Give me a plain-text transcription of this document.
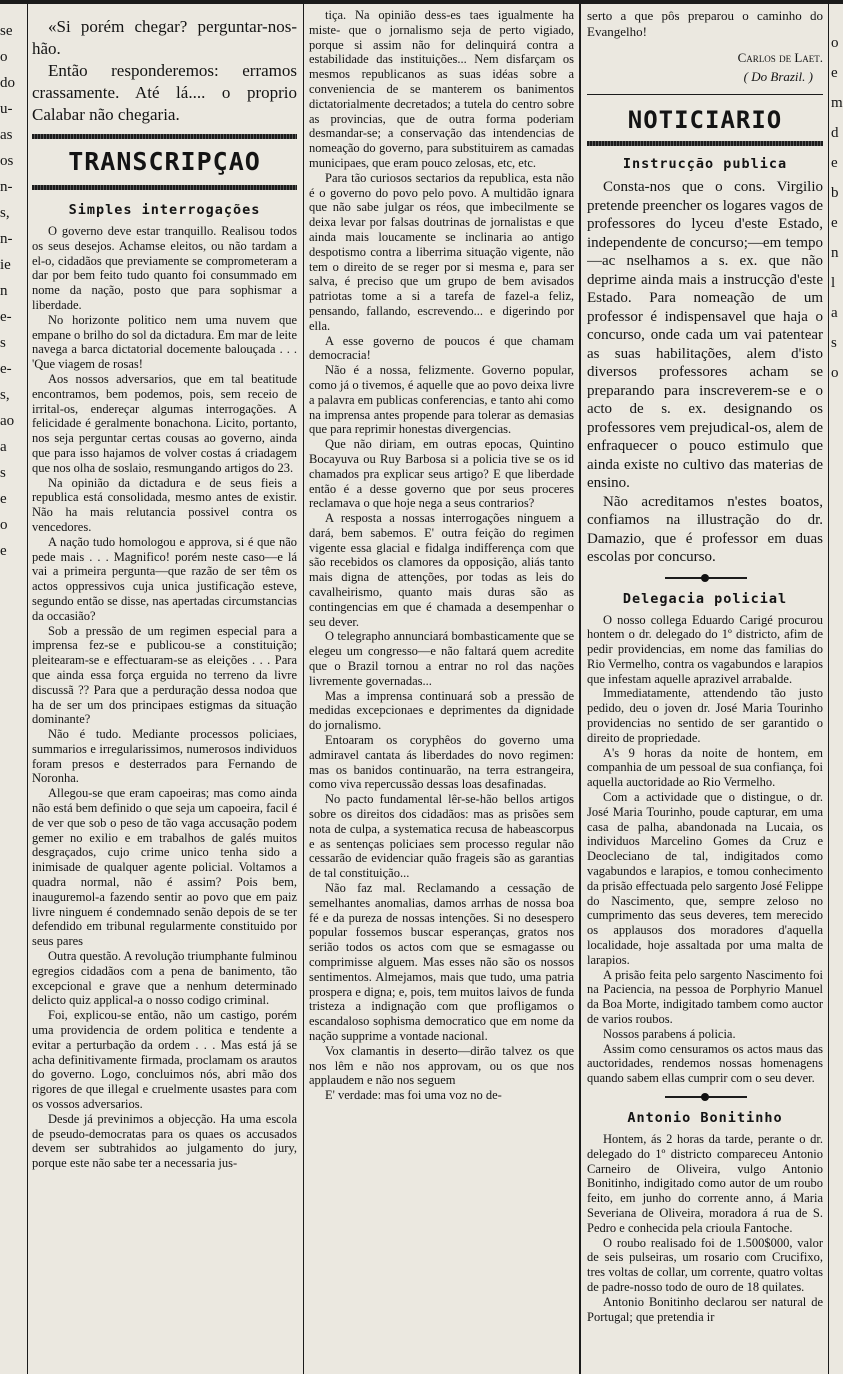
se
o
do
u-
as
os
n-
s,
n-
ie
n
e-
s
e-
s,
ao
a
s
e
o
e

«Si porém chegar? perguntar-nos-hão.

Então responderemos: erramos crassamente. Até lá.... o proprio Calabar não chegaria.

TRANSCRIPÇAO
Simples interrogações

O governo deve estar tranquillo. Realisou todos os seus desejos. Achamse eleitos, ou não tardam a el-o, cidadãos que previamente se comprometeram a dar por bem feito tudo quanto foi consummado em nome da nação, posto que para sophismar a liberdade.

No horizonte politico nem uma nuvem que empane o brilho do sol da dictadura. Em mar de leite navega a barca dictatorial docemente balouçada . . . 'Que viagem de rosas!

Aos nossos adversarios, que em tal beatitude encontramos, bem podemos, pois, sem receio de irrital-os, endereçar algumas interrogações. A felicidade é geralmente bonachona. Licito, portanto, nos seja perguntar certas cousas ao governo, ainda que para isso hajamos de volver costas á criadagem que nos olha de soslaio, resmungando artigos do 23.

Na opinião da dictadura e de seus fieis a republica está consolidada, mesmo antes de existir. Não ha mais relutancia possivel contra os vencedores.

A nação tudo homologou e approva, si é que não pede mais . . . Magnifico! porém neste caso—e lá vai a primeira pergunta—que razão de ser têm os actos oppressivos cuja unica justificação esteve, segundo então se disse, nas apertadas circumstancias da occasião?

Sob a pressão de um regimen especial para a imprensa fez-se e publicou-se a constituição; pleitearam-se e effectuaram-se as eleições . . . Para que ainda essa força erguida no terreno da livre discussã ?? Para que a perduração dessa nodoa que ha de ser um dos principaes estigmas da situação dominante?

Não é tudo. Mediante processos policiaes, summarios e irregularissimos, numerosos individuos foram presos e desterrados para Fernando de Noronha.

Allegou-se que eram capoeiras; mas como ainda não está bem definido o que seja um capoeira, facil é de ver que sob o peso de tão vaga accusação podem gemer no exilio e em trabalhos de galés muitos desgraçados, cujo crime unico tenha sido a inimisade de qualquer agente policial. Voltamos a quadra normal, não é assim? Pois bem, inauguremol-a fazendo sentir ao povo que em paiz livre ninguem é condemnado senão depois de se ter defendido em tribunal regularmente constituido por seus pares

Outra questão. A revolução triumphante fulminou egregios cidadãos com a pena de banimento, tão excepcional e grave que a nenhum determinado delicto quiz applical-a o nosso codigo criminal.

Foi, explicou-se então, não um castigo, porém uma providencia de ordem politica e tendente a evitar a perturbação da ordem . . . Mas está já se acha definitivamente firmada, proclamam os arautos do governo. Logo, concluimos nós, abri mão dos rigores de que illegal e cruelmente usastes para com os vossos adversarios.

Desde já previnimos a objecção. Ha uma escola de pseudo-democratas para os quaes os accusados devem ser subtrahidos ao julgamento do jury, porque este não sabe ter a necessaria jus-

tiça. Na opinião dess-es taes igualmente ha miste- que o jornalismo seja de perto vigiado, porque si assim não for delinquirá contra a estabilidade das instituições... Nem disfarçam os mesmos republicanos as suas idéas sobre a conveniencia de se manterem os banimentos dictatorialmente decretados; a tutela do centro sobre as provincias, que de outra forma poderiam desmandar-se; a conservação das intendencias de nomeação do governo, para substituirem as camadas municipaes, que eram pouco zelosas, etc, etc.

Para tão curiosos sectarios da republica, esta não é o governo do povo pelo povo. A multidão ignara que não sabe julgar os réos, que imbecilmente se deixa levar por falsas doutrinas de jornalistas e que ainda mais loucamente se inclinaria ao antigo despotismo contra a liberrima situação vigente, não tem o direito de se reger por si mesma e, para ser salva, é preciso que um grupo de bem avisados patriotas tome a si a tarefa de fazel-a feliz, pensando, fallando, escrevendo... e digerindo por ella.

A esse governo de poucos é que chamam democracia!

Não é a nossa, felizmente. Governo popular, como já o tivemos, é aquelle que ao povo deixa livre a palavra em publicas conferencias, e tanto ahi como na imprensa antes propende para tolerar as demasias que para reprimir honestas divergencias.

Que não diriam, em outras epocas, Quintino Bocayuva ou Ruy Barbosa si a policia tive se os id chamados pra explicar seus artigo? E que liberdade então é a desse governo que por seus proceres reclamava o que hoje nega a seus contrarios?

A resposta a nossas interrogações ninguem a dará, bem sabemos. E' outra feição do regimen vigente essa glacial e fidalga indifferença com que são recebidos os clamores da opposição, aliás tanto mais digna de attenções, por todas as leis do cavalheirismo, quanto mais duras são as contingencias em que é chamada a desempenhar o seu dever.

O telegrapho annunciará bombasticamente que se elegeu um congresso—e não faltará quem acredite que o Brazil tornou a entrar no rol das nações livremente governadas...

Mas a imprensa continuará sob a pressão de medidas excepcionaes e deprimentes da dignidade do jornalismo.

Entoaram os coryphêos do governo uma admiravel cantata ás liberdades do novo regimen: mas os banidos continuarão, na terra estrangeira, como viva repercussão dessas loas desafinadas.

No pacto fundamental lêr-se-hão bellos artigos sobre os direitos dos cidadãos: mas as prisões sem nota de culpa, a systematica recusa de habeascorpus e as sentenças policiaes sem processo regular não cessarão de evidenciar quão frageis são as garantias de tal constituição...

Não faz mal. Reclamando a cessação de semelhantes anomalias, damos arrhas de nossa boa fé e da pureza de nossas intenções. Si no desespero popular fossemos buscar esperanças, gratos nos serião todos os actos com que se esmagasse ou comprimisse alguem. Mas esses não são os nossos sentimentos. Almejamos, mais que tudo, uma patria prospera e digna; e, pois, tem muitos laivos de funda tristeza a indignação com que profligamos o escandaloso sophisma democratico que em nome da nação supprime a vontade nacional.

Vox clamantis in deserto—dirão talvez os que nos lêm e não nos approvam, ou os que nos applaudem e não nos seguem

E' verdade: mas foi uma voz no de-

serto a que pôs preparou o caminho do Evangelho!

Carlos de Laet.
( Do Brazil. )
NOTICIARIO
Instrucção publica

Consta-nos que o cons. Virgilio pretende preencher os logares vagos de professores do lyceu d'este Estado, independente de concurso;—em tempo—ac nselhamos a s. ex. que não deprime ainda mais a instrucção d'este Estado. Para nomeação de um professor é indispensavel que haja o concurso, onde cada um vai patentear as suas habilitações, alem d'isto diversos professores acham se preparando para inscreverem-se e o acto de s. ex. designando os professores vem prejudical-os, alem de enfraquecer o pouco estimulo que ainda existe no cultivo das materias de ensino.

Não acreditamos n'estes boatos, confiamos na illustração do dr. Damazio, que é professor em duas escolas por concurso.

Delegacia policial

O nosso collega Eduardo Carigé procurou hontem o dr. delegado do 1º districto, afim de pedir providencias, em nome das familias do Rio Vermelho, contra os vagabundos e larapios que infestam aquelle aprazivel arrabalde.

Immediatamente, attendendo tão justo pedido, deu o joven dr. José Maria Tourinho providencias no sentido de ser garantido o direito de propriedade.

A's 9 horas da noite de hontem, em companhia de um pessoal de sua confiança, foi aquella auctoridade ao Rio Vermelho.

Com a actividade que o distingue, o dr. José Maria Tourinho, poude capturar, em uma casa de palha, abandonada na Lucaia, os individuos Marcelino Gomes da Cruz e Deocleciano de tal, indigitados como vagabundos e larapios, e tomou conhecimento da prisão effectuada pelo sargento José Felippe do Nascimento, que, sempre zeloso no cumprimento das seus deveres, tem merecido os applausos dos moradores d'aquella localidade, hoje assaltada por uma malta de larapios.

A prisão feita pelo sargento Nascimento foi na Paciencia, na pessoa de Porphyrio Manuel da Boa Morte, indigitado tambem como auctor de varios roubos.

Nossos parabens á policia.

Assim como censuramos os actos maus das auctoridades, rendemos nossas homenagens quando sabem ellas cumprir com o seu dever.

Antonio Bonitinho

Hontem, ás 2 horas da tarde, perante o dr. delegado do 1º districto compareceu Antonio Carneiro de Oliveira, vulgo Antonio Bonitinho, indigitado como autor de um roubo feito, em junho do corrente anno, á Maria Severiana de Oliveira, moradora á rua de S. Pedro e conhecida pela crioula Fantoche.

O roubo realisado foi de 1.500$000, valor de seis pulseiras, um rosario com Crucifixo, tres voltas de collar, um corrente, quatro voltas de padre-nosso todo de ouro de 18 quilates.

Antonio Bonitinho declarou ser natural de Portugal; que pretendia ir

o
e
m
d
e
b
e
n
l
a
s
o
